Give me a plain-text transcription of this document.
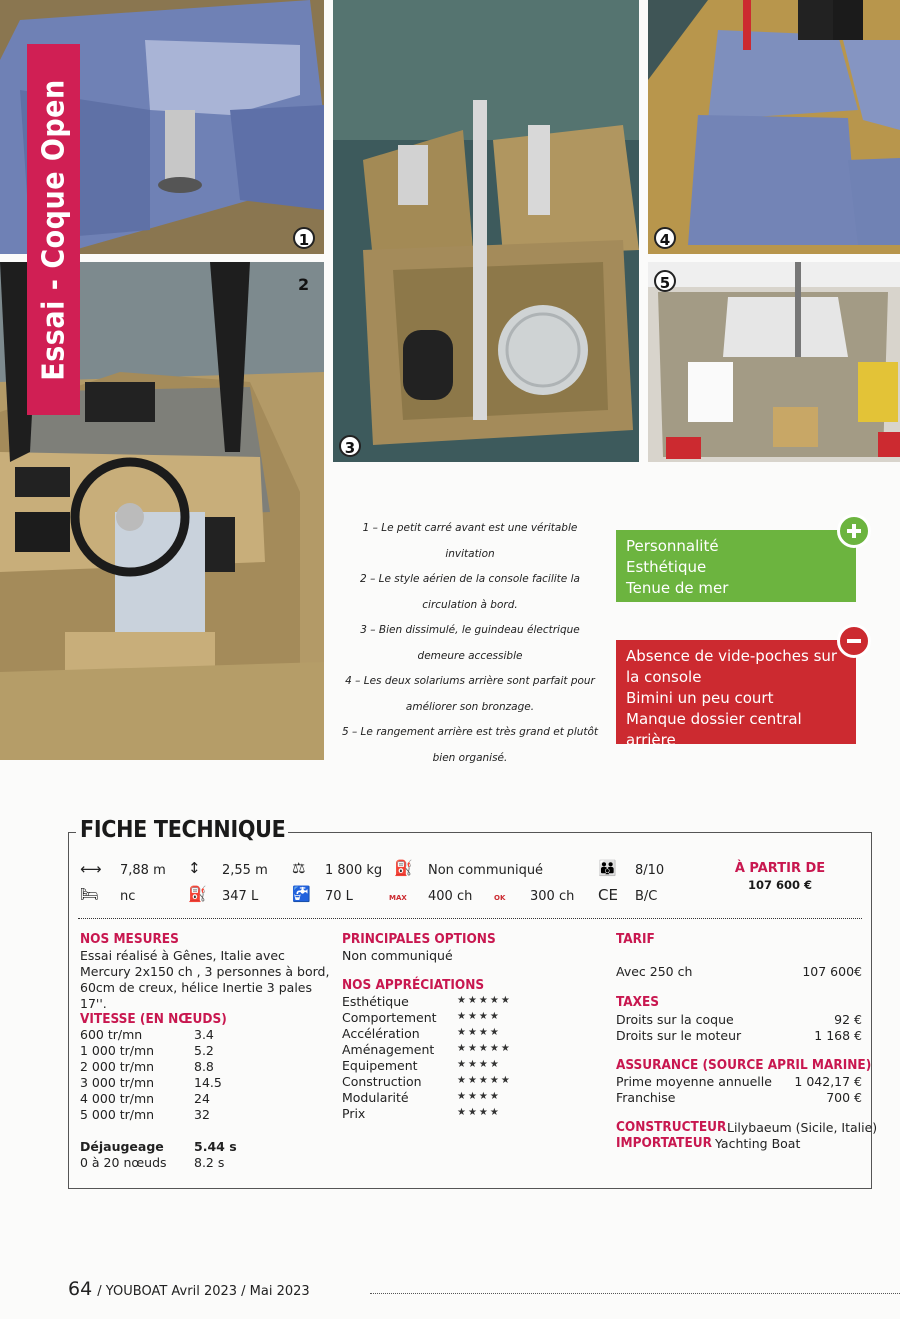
1
2
3
4
5
Essai - Coque Open
1 – Le petit carré avant est une véritable invitation
2 – Le style aérien de la console facilite la circulation à bord.
3 – Bien dissimulé, le guindeau électrique demeure accessible
4 – Les deux solariums arrière sont parfait pour améliorer son bronzage.
5 – Le rangement arrière est très grand et plutôt bien organisé.
Personnalité
Esthétique
Tenue de mer
Absence de vide-poches sur la console
Bimini un peu court
Manque dossier central arrière
FICHE TECHNIQUE
⟷ 7,88 m ↕ 2,55 m ⚖ 1 800 kg ⛽ Non communiqué	👪 8/10
🛏 nc	⛽ 347 L 🚰 70 L	MAX 400 ch	OK 300 ch CE B/C
À PARTIR DE
107 600 €
NOS MESURES
Essai réalisé à Gênes, Italie avec Mercury 2x150 ch , 3 personnes à bord, 60cm de creux, hélice Inertie 3 pales 17''.
VITESSE (EN NŒUDS)
600 tr/mn	3.4
1 000 tr/mn	5.2
2 000 tr/mn	8.8
3 000 tr/mn	14.5
4 000 tr/mn	24
5 000 tr/mn	32
Déjaugeage 5.44 s
0 à 20 nœuds 8.2 s
PRINCIPALES OPTIONS
Non communiqué
NOS APPRÉCIATIONS
Esthétique	★★★★★
Comportement ★★★★
Accélération	★★★★
Aménagement ★★★★★
Equipement	★★★★
Construction	★★★★★
Modularité	★★★★
Prix	★★★★
TARIF
Avec 250 ch	107 600€
TAXES
Droits sur la coque	92 €
Droits sur le moteur	1 168 €
ASSURANCE (SOURCE APRIL MARINE)
Prime moyenne annuelle 1 042,17 €
Franchise	700 €
CONSTRUCTEUR Lilybaeum (Sicile, Italie)
IMPORTATEUR Yachting Boat
64 / YOUBOAT Avril 2023 / Mai 2023
